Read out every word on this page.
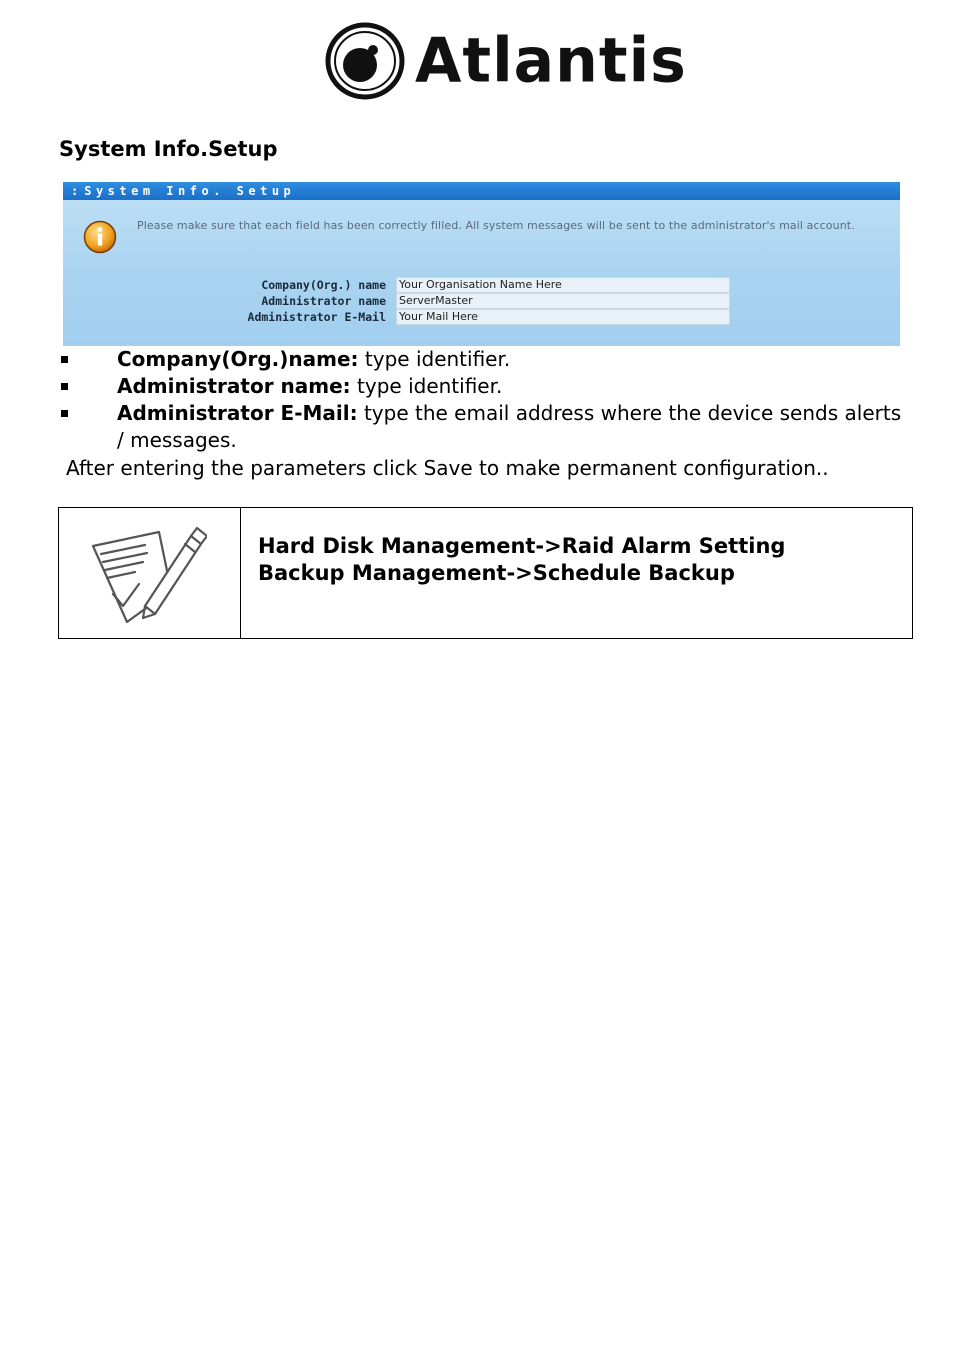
Atlantis
System Info.Setup
: System Info. Setup
Please make sure that each field has been correctly filled. All system messages will be sent to the administrator's mail account.
Company(Org.) name Your Organisation Name Here
Administrator name ServerMaster
Administrator E-Mail Your Mail Here
Company(Org.)name: type identifier.
Administrator name: type identifier.
Administrator E-Mail: type the email address where the device sends alerts / messages.
After entering the parameters click Save to make permanent configuration..
Hard Disk Management->Raid Alarm Setting
Backup Management->Schedule Backup
